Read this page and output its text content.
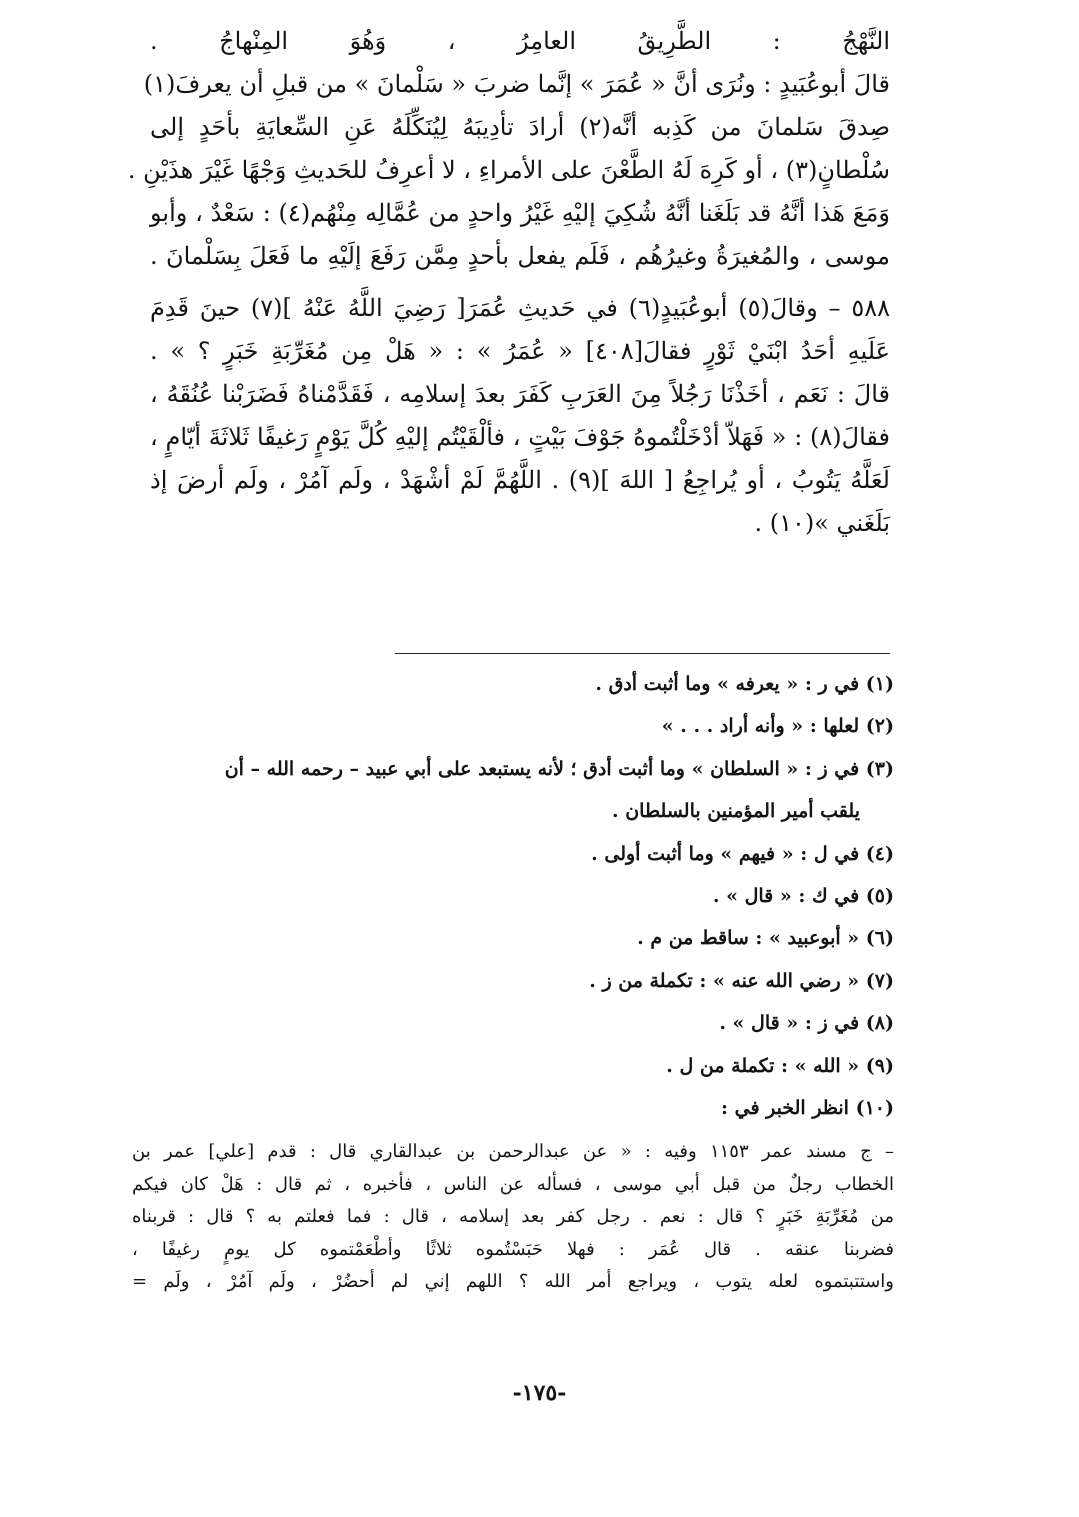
النَّهْجُ : الطَّرِيقُ العامِرُ ، وَهُوَ المِنْهاجُ .
قالَ أبوعُبَيدٍ : ونُرَى أنَّ « عُمَرَ » إنَّما ضربَ « سَلْمانَ » من قبلِ أن يعرفَ(١)
صِدقَ سَلمانَ من كَذِبه أنَّه(٢) أرادَ تأدِيبَهُ لِيُنَكِّلَهُ عَنِ السِّعايَةِ بأحَدٍ إلى
سُلْطانٍ(٣) ، أو كَرِهَ لَهُ الطَّعْنَ على الأمراءِ ، لا أعرِفُ للحَديثِ وَجْهًا غَيْرَ هذَيْنِ .
وَمَعَ هَذا أنَّهُ قد بَلَغَنا أنَّهُ شُكِيَ إليْهِ غَيْرُ واحدٍ من عُمَّالِه مِنْهُم(٤) : سَعْدٌ ، وأبو
موسى ، والمُغيرَةُ وغيرُهُم ، فَلَم يفعل بأحدٍ مِمَّن رَفَعَ إلَيْهِ ما فَعَلَ بِسَلْمانَ .
٥٨٨ – وقالَ(٥) أبوعُبَيدٍ(٦) في حَديثِ عُمَرَ[ رَضِيَ اللَّهُ عَنْهُ ](٧) حينَ قَدِمَ
عَلَيهِ أحَدُ ابْنَيْ ثَوْرٍ فقالَ[٤٠٨] « عُمَرُ » : « هَلْ مِن مُغَرِّبَةِ خَبَرٍ ؟ » .
قالَ : نَعَم ، أخَذْنَا رَجُلاً مِنَ العَرَبِ كَفَرَ بعدَ إسلامِه ، فَقَدَّمْناهُ فَضَرَبْنا عُنُقَهُ ،
فقالَ(٨) : « فَهَلاّ أدْخَلْتُموهُ جَوْفَ بَيْتٍ ، فألْقَيْتُم إليْهِ كُلَّ يَوْمٍ رَغيفًا ثَلاثَةَ أيّامٍ ،
لَعَلَّهُ يَتُوبُ ، أو يُراجِعُ [ اللهَ ](٩) . اللَّهُمَّ لَمْ أشْهَدْ ، ولَم آمُرْ ، ولَم أرضَ إذ
بَلَغَني »(١٠) .
(١) في ر : « يعرفه » وما أثبت أدق .
(٢) لعلها : « وأنه أراد . . . »
(٣) في ز : « السلطان » وما أثبت أدق ؛ لأنه يستبعد على أبي عبيد – رحمه الله – أن
يلقب أمير المؤمنين بالسلطان .
(٤) في ل : « فيهم » وما أثبت أولى .
(٥) في ك : « قال » .
(٦) « أبوعبيد » : ساقط من م .
(٧) « رضي الله عنه » : تكملة من ز .
(٨) في ز : « قال » .
(٩) « الله » : تكملة من ل .
(١٠) انظر الخبر في :
– ج مسند عمر ١١٥٣ وفيه : « عن عبدالرحمن بن عبدالقاري قال : قدم [علي] عمر بن
الخطاب رجلٌ من قبل أبي موسى ، فسأله عن الناس ، فأخبره ، ثم قال : هَلْ كان فيكم
من مُغَرِّبَةِ خَبَرٍ ؟ قال : نعم . رجل كفر بعد إسلامه ، قال : فما فعلتم به ؟ قال : قربناه
فضربنا عنقه . قال عُمَر : فهلا حَبَسْتُموه ثلاثًا وأطْعَمْتموه كل يومٍ رغيفًا ،
واستتبتموه لعله يتوب ، ويراجع أمر الله ؟ اللهم إني لم أحضُرْ ، ولَم آمُرْ ، ولَم =
-١٧٥-
